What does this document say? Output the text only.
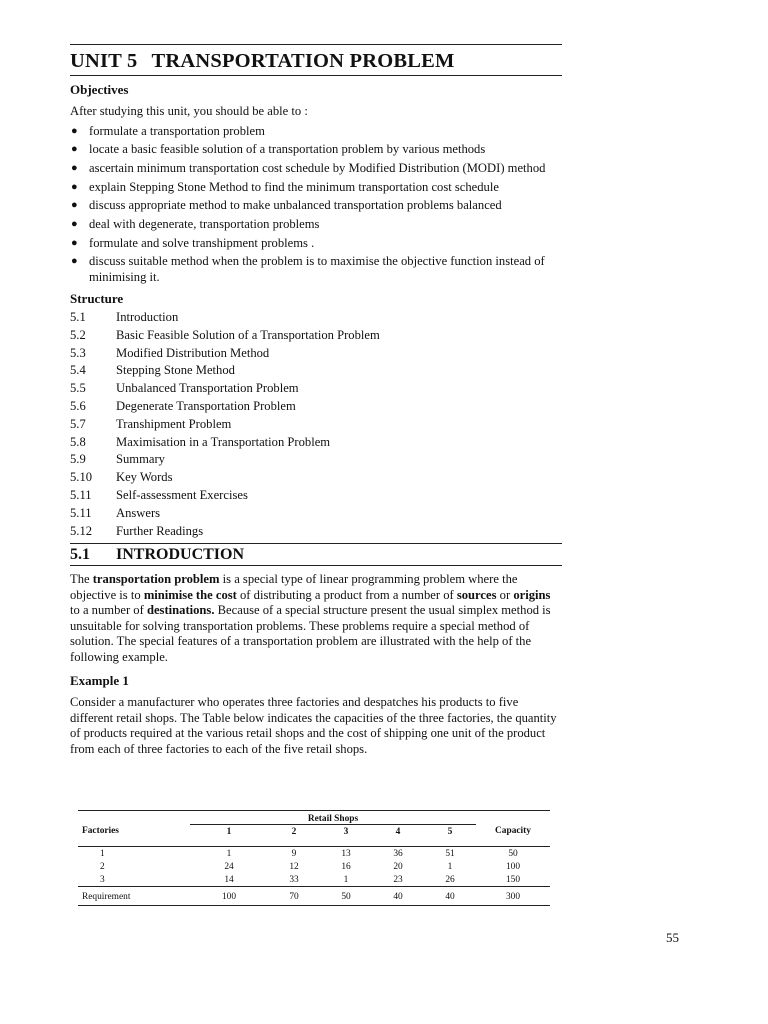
UNIT 5 TRANSPORTATION PROBLEM
Objectives
After studying this unit, you should be able to :
● formulate a transportation problem
● locate a basic feasible solution of a transportation problem by various methods
● ascertain minimum transportation cost schedule by Modified Distribution (MODI) method
● explain Stepping Stone Method to find the minimum transportation cost schedule
● discuss appropriate method to make unbalanced transportation problems balanced
● deal with degenerate, transportation problems
● formulate and solve transhipment problems .
● discuss suitable method when the problem is to maximise the objective function instead of minimising it.
Structure
5.1	Introduction
5.2	Basic Feasible Solution of a Transportation Problem
5.3	Modified Distribution Method
5.4	Stepping Stone Method
5.5	Unbalanced Transportation Problem
5.6	Degenerate Transportation Problem
5.7	Transhipment Problem
5.8	Maximisation in a Transportation Problem
5.9	Summary
5.10	Key Words
5.11	Self-assessment Exercises
5.11	Answers
5.12	Further Readings
5.1	INTRODUCTION
The transportation problem is a special type of linear programming problem where the objective is to minimise the cost of distributing a product from a number of sources or origins to a number of destinations. Because of a special structure present the usual simplex method is unsuitable for solving transportation problems. These problems require a special method of solution. The special features of a transportation problem are illustrated with the help of the following example.
Example 1
Consider a manufacturer who operates three factories and despatches his products to five different retail shops. The Table below indicates the capacities of the three factories, the quantity of products required at the various retail shops and the cost of shipping one unit of the product from each of three factories to each of the five retail shops.
	Retail Shops					
Factories	1	2	3	4	5	Capacity

1	1	9	13	36	51	50
2	24	12	16	20	1	100
3	14	33	1	23	26	150
Requirement	100	70	50	40	40	300
55
